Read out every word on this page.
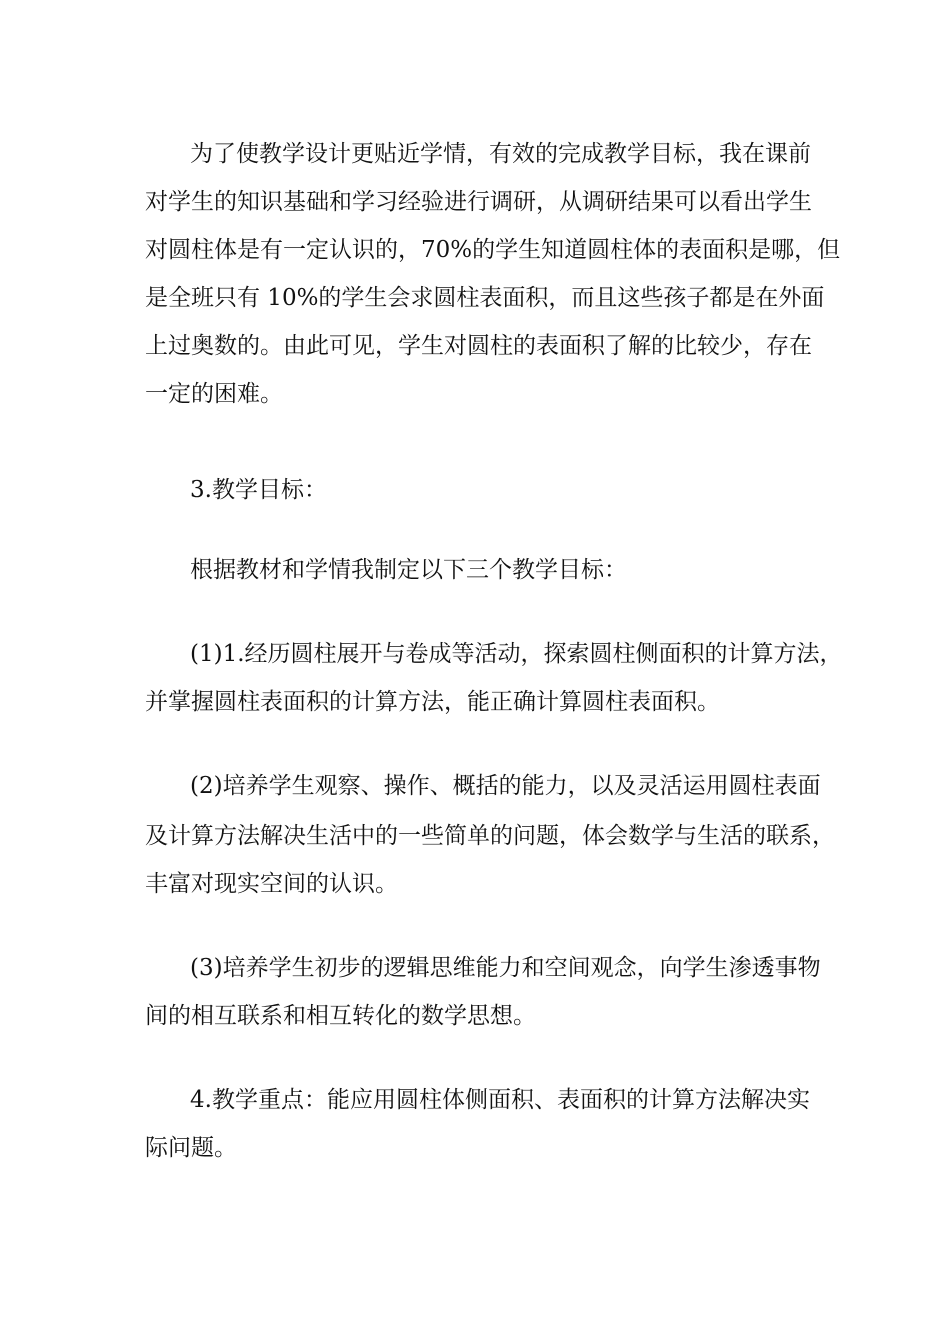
为了使教学设计更贴近学情，有效的完成教学目标，我在课前
对学生的知识基础和学习经验进行调研，从调研结果可以看出学生
对圆柱体是有一定认识的，70%的学生知道圆柱体的表面积是哪，但
是全班只有 10%的学生会求圆柱表面积，而且这些孩子都是在外面
上过奥数的。由此可见，学生对圆柱的表面积了解的比较少，存在
一定的困难。
3.教学目标：
根据教材和学情我制定以下三个教学目标：
(1)1.经历圆柱展开与卷成等活动，探索圆柱侧面积的计算方法，
并掌握圆柱表面积的计算方法，能正确计算圆柱表面积。
(2)培养学生观察、操作、概括的能力，以及灵活运用圆柱表面
及计算方法解决生活中的一些简单的问题，体会数学与生活的联系，
丰富对现实空间的认识。
(3)培养学生初步的逻辑思维能力和空间观念，向学生渗透事物
间的相互联系和相互转化的数学思想。
4.教学重点：能应用圆柱体侧面积、表面积的计算方法解决实
际问题。
